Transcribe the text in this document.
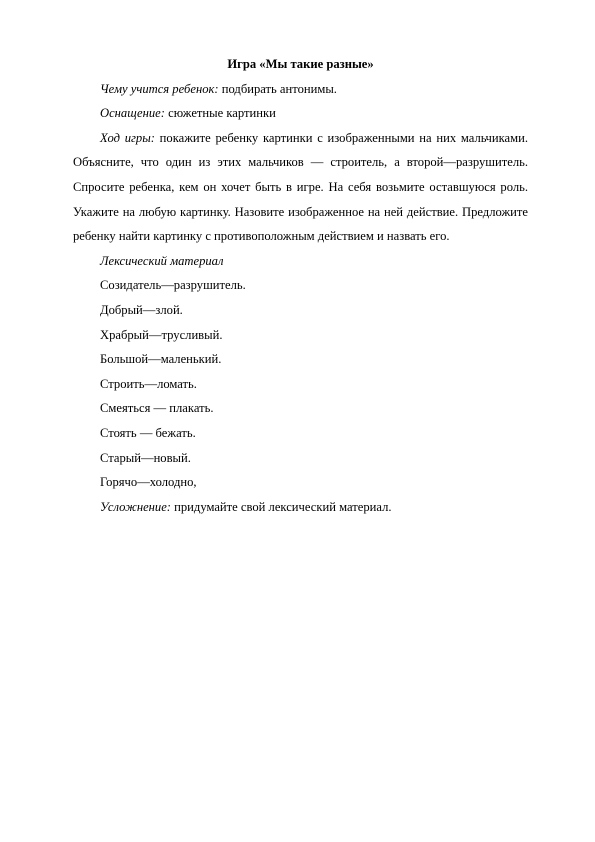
Игра «Мы такие разные»

Чему учится ребенок: подбирать антонимы.

Оснащение: сюжетные картинки

Ход игры: покажите ребенку картинки с изображенными на них мальчиками. Объясните, что один из этих мальчиков — строитель, а второй—разрушитель. Спросите ребенка, кем он хочет быть в игре. На себя возьмите оставшуюся роль. Укажите на любую картинку. Назовите изображенное на ней действие. Предложите ребенку найти картинку с противоположным действием и назвать его.

Лексический материал

Созидатель—разрушитель.

Добрый—злой.

Храбрый—трусливый.

Большой—маленький.

Строить—ломать.

Смеяться — плакать.

Стоять — бежать.

Старый—новый.

Горячо—холодно,

Усложнение: придумайте свой лексический материал.
